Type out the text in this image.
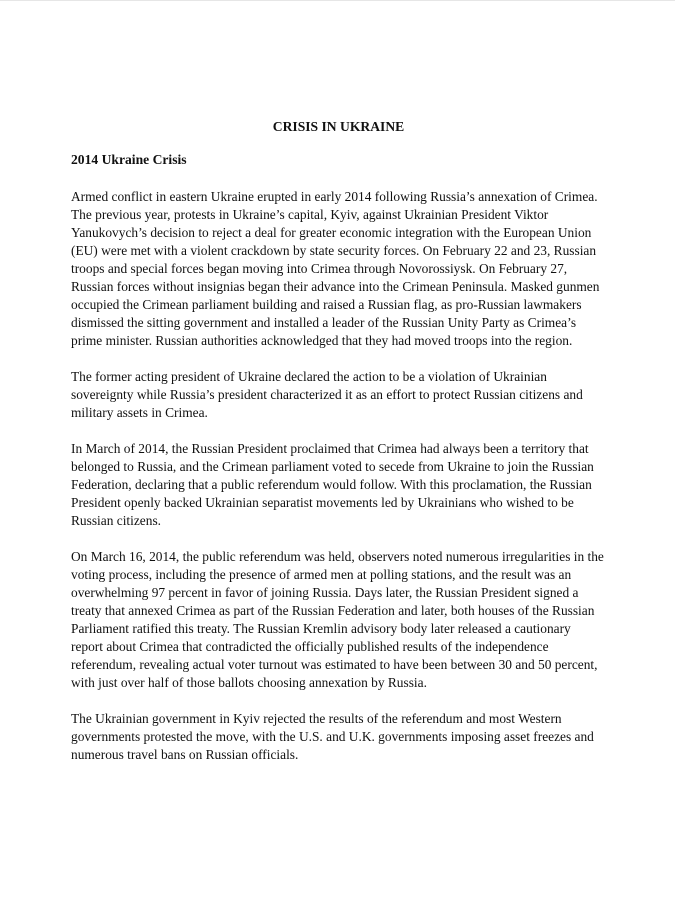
CRISIS IN UKRAINE
2014 Ukraine Crisis

Armed conflict in eastern Ukraine erupted in early 2014 following Russia’s annexation of Crimea. The previous year, protests in Ukraine’s capital, Kyiv, against Ukrainian President Viktor Yanukovych’s decision to reject a deal for greater economic integration with the European Union (EU) were met with a violent crackdown by state security forces. On February 22 and 23, Russian troops and special forces began moving into Crimea through Novorossiysk. On February 27, Russian forces without insignias began their advance into the Crimean Peninsula. Masked gunmen occupied the Crimean parliament building and raised a Russian flag, as pro-Russian lawmakers dismissed the sitting government and installed a leader of the Russian Unity Party as Crimea’s prime minister. Russian authorities acknowledged that they had moved troops into the region.

The former acting president of Ukraine declared the action to be a violation of Ukrainian sovereignty while Russia’s president characterized it as an effort to protect Russian citizens and military assets in Crimea.

In March of 2014, the Russian President proclaimed that Crimea had always been a territory that belonged to Russia, and the Crimean parliament voted to secede from Ukraine to join the Russian Federation, declaring that a public referendum would follow. With this proclamation, the Russian President openly backed Ukrainian separatist movements led by Ukrainians who wished to be Russian citizens.

On March 16, 2014, the public referendum was held, observers noted numerous irregularities in the voting process, including the presence of armed men at polling stations, and the result was an overwhelming 97 percent in favor of joining Russia. Days later, the Russian President signed a treaty that annexed Crimea as part of the Russian Federation and later, both houses of the Russian Parliament ratified this treaty. The Russian Kremlin advisory body later released a cautionary report about Crimea that contradicted the officially published results of the independence referendum, revealing actual voter turnout was estimated to have been between 30 and 50 percent, with just over half of those ballots choosing annexation by Russia.

The Ukrainian government in Kyiv rejected the results of the referendum and most Western governments protested the move, with the U.S. and U.K. governments imposing asset freezes and numerous travel bans on Russian officials.
